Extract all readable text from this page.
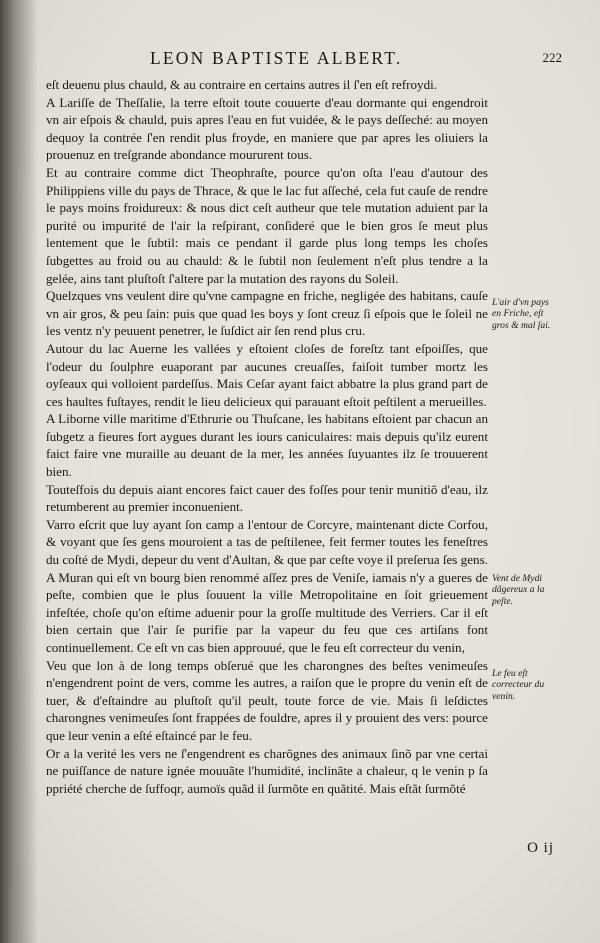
LEON BAPTISTE ALBERT.	222

eſt deuenu plus chauld, & au contraire en certains autres il ſ'en eſt refroydi.

A Lariſſe de Theſſalie, la terre eſtoit toute couuerte d'eau dormante qui engendroit vn air eſpois & chauld, puis apres l'eau en fut vuidée, & le pays deſſeché: au moyen dequoy la contrée ſ'en rendit plus froyde, en maniere que par apres les oliuiers la prouenuz en treſgrande abondance moururent tous.

Et au contraire comme dict Theophraſte, pource qu'on oſta l'eau d'autour des Philippiens ville du pays de Thrace, & que le lac fut aſſeché, cela fut cauſe de rendre le pays moins froidureux: & nous dict ceſt autheur que tele mutation aduient par la purité ou impurité de l'air la reſpirant, conſideré que le bien gros ſe meut plus lentement que le ſubtil: mais ce pendant il garde plus long temps les choſes ſubgettes au froid ou au chauld: & le ſubtil non ſeulement n'eſt plus tendre a la gelée, ains tant pluſtoſt ſ'altere par la mutation des rayons du Soleil.

Quelzques vns veulent dire qu'vne campagne en friche, negligée des habitans, cauſe vn air gros, & peu ſain: puis que quad les boys y ſont creuz ſi eſpois que le ſoleil ne les ventz n'y peuuent penetrer, le ſuſdict air ſen rend plus cru.

Autour du lac Auerne les vallées y eſtoient cloſes de foreſtz tant eſpoiſſes, que l'odeur du ſoulphre euaporant par aucunes creuaſſes, faiſoit tumber mortz les oyſeaux qui volloient pardeſſus. Mais Ceſar ayant faict abbatre la plus grand part de ces haultes fuſtayes, rendit le lieu delicieux qui parauant eſtoit peſtilent a merueilles.

A Liborne ville maritime d'Ethrurie ou Thuſcane, les habitans eſtoient par chacun an ſubgetz a fieures fort aygues durant les iours caniculaires: mais depuis qu'ilz eurent faict faire vne muraille au deuant de la mer, les années ſuyuantes ilz ſe trouuerent bien.

Touteſfois du depuis aiant encores faict cauer des foſſes pour tenir munitiõ d'eau, ilz retumberent au premier inconuenient.

Varro eſcrit que luy ayant ſon camp a l'entour de Corcyre, maintenant dicte Corfou, & voyant que ſes gens mouroient a tas de peſtilenee, feit fermer toutes les feneſtres du coſté de Mydi, depeur du vent d'Aultan, & que par ceſte voye il preſerua ſes gens.

A Muran qui eſt vn bourg bien renommé aſſez pres de Veniſe, iamais n'y a gueres de peſte, combien que le plus ſouuent la ville Metropolitaine en ſoit grieuement infeſtée, choſe qu'on eſtime aduenir pour la groſſe multitude des Verriers. Car il eſt bien certain que l'air ſe purifie par la vapeur du feu que ces artiſans font continuellement. Ce eſt vn cas bien approuué, que le feu eſt correcteur du venin,

Veu que lon à de long temps obſerué que les charongnes des beſtes venimeuſes n'engendrent point de vers, comme les autres, a raiſon que le propre du venin eſt de tuer, & d'eſtaindre au pluſtoſt qu'il peult, toute force de vie. Mais ſi leſdictes charongnes venimeuſes ſont frappées de fouldre, apres il y prouient des vers: pource que leur venin a eſté eſtaincé par le feu.

Or a la verité les vers ne ſ'engendrent es charõgnes des animaux ſinõ par vne certai ne puiſſance de nature ignée mouuãte l'humidité, inclinãte a chaleur, q le venin p ſa ppriété cherche de ſuffoqr, aumoïs quãd il ſurmõte en quãtité. Mais eſtãt ſurmõté

L'air d'vn pays en Friche, eſt gros & mal ſai.
Vent de Mydi dãgereux a la peſte.
Le feu eſt correcteur du venin.
O ij
